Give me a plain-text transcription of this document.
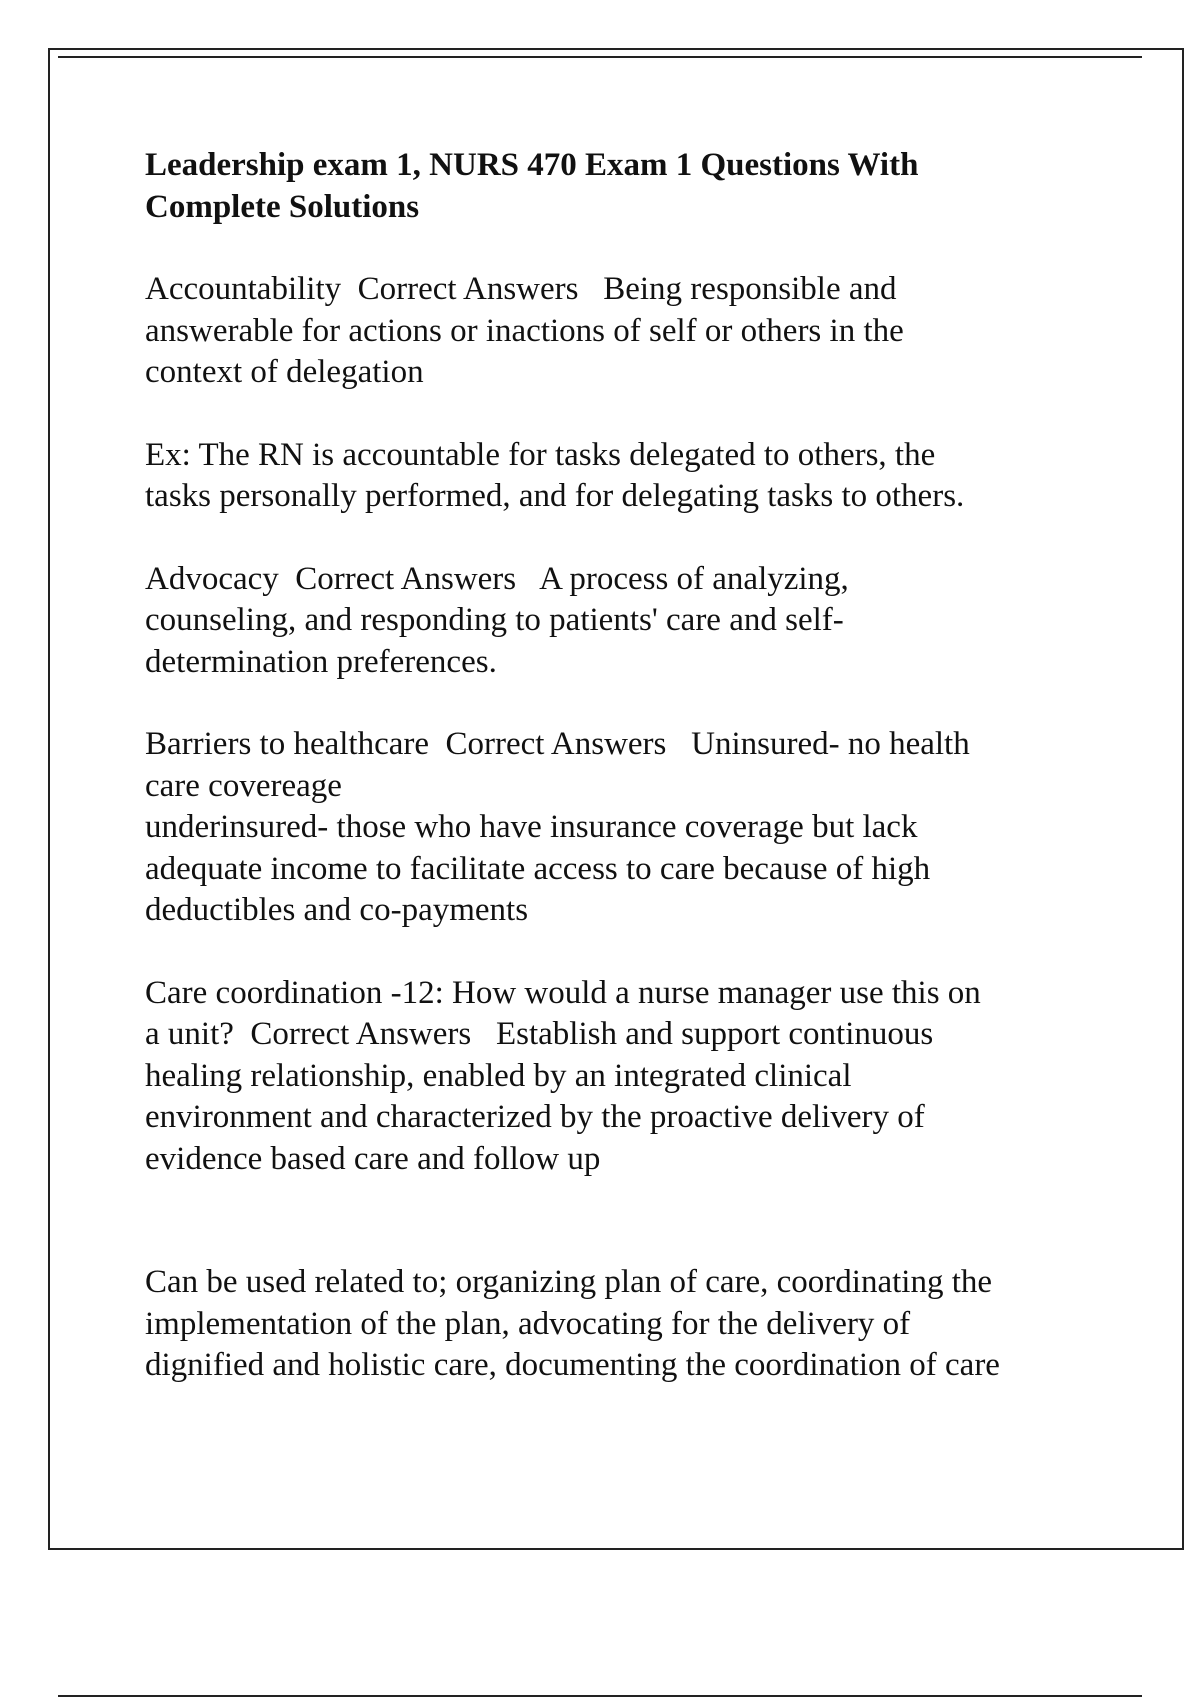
Leadership exam 1, NURS 470 Exam 1 Questions With
Complete Solutions

Accountability  Correct Answers   Being responsible and
answerable for actions or inactions of self or others in the
context of delegation

Ex: The RN is accountable for tasks delegated to others, the
tasks personally performed, and for delegating tasks to others.

Advocacy  Correct Answers   A process of analyzing,
counseling, and responding to patients' care and self-
determination preferences.

Barriers to healthcare  Correct Answers   Uninsured- no health
care covereage
underinsured- those who have insurance coverage but lack
adequate income to facilitate access to care because of high
deductibles and co-payments

Care coordination -12: How would a nurse manager use this on
a unit?  Correct Answers   Establish and support continuous
healing relationship, enabled by an integrated clinical
environment and characterized by the proactive delivery of
evidence based care and follow up

Can be used related to; organizing plan of care, coordinating the
implementation of the plan, advocating for the delivery of
dignified and holistic care, documenting the coordination of care
